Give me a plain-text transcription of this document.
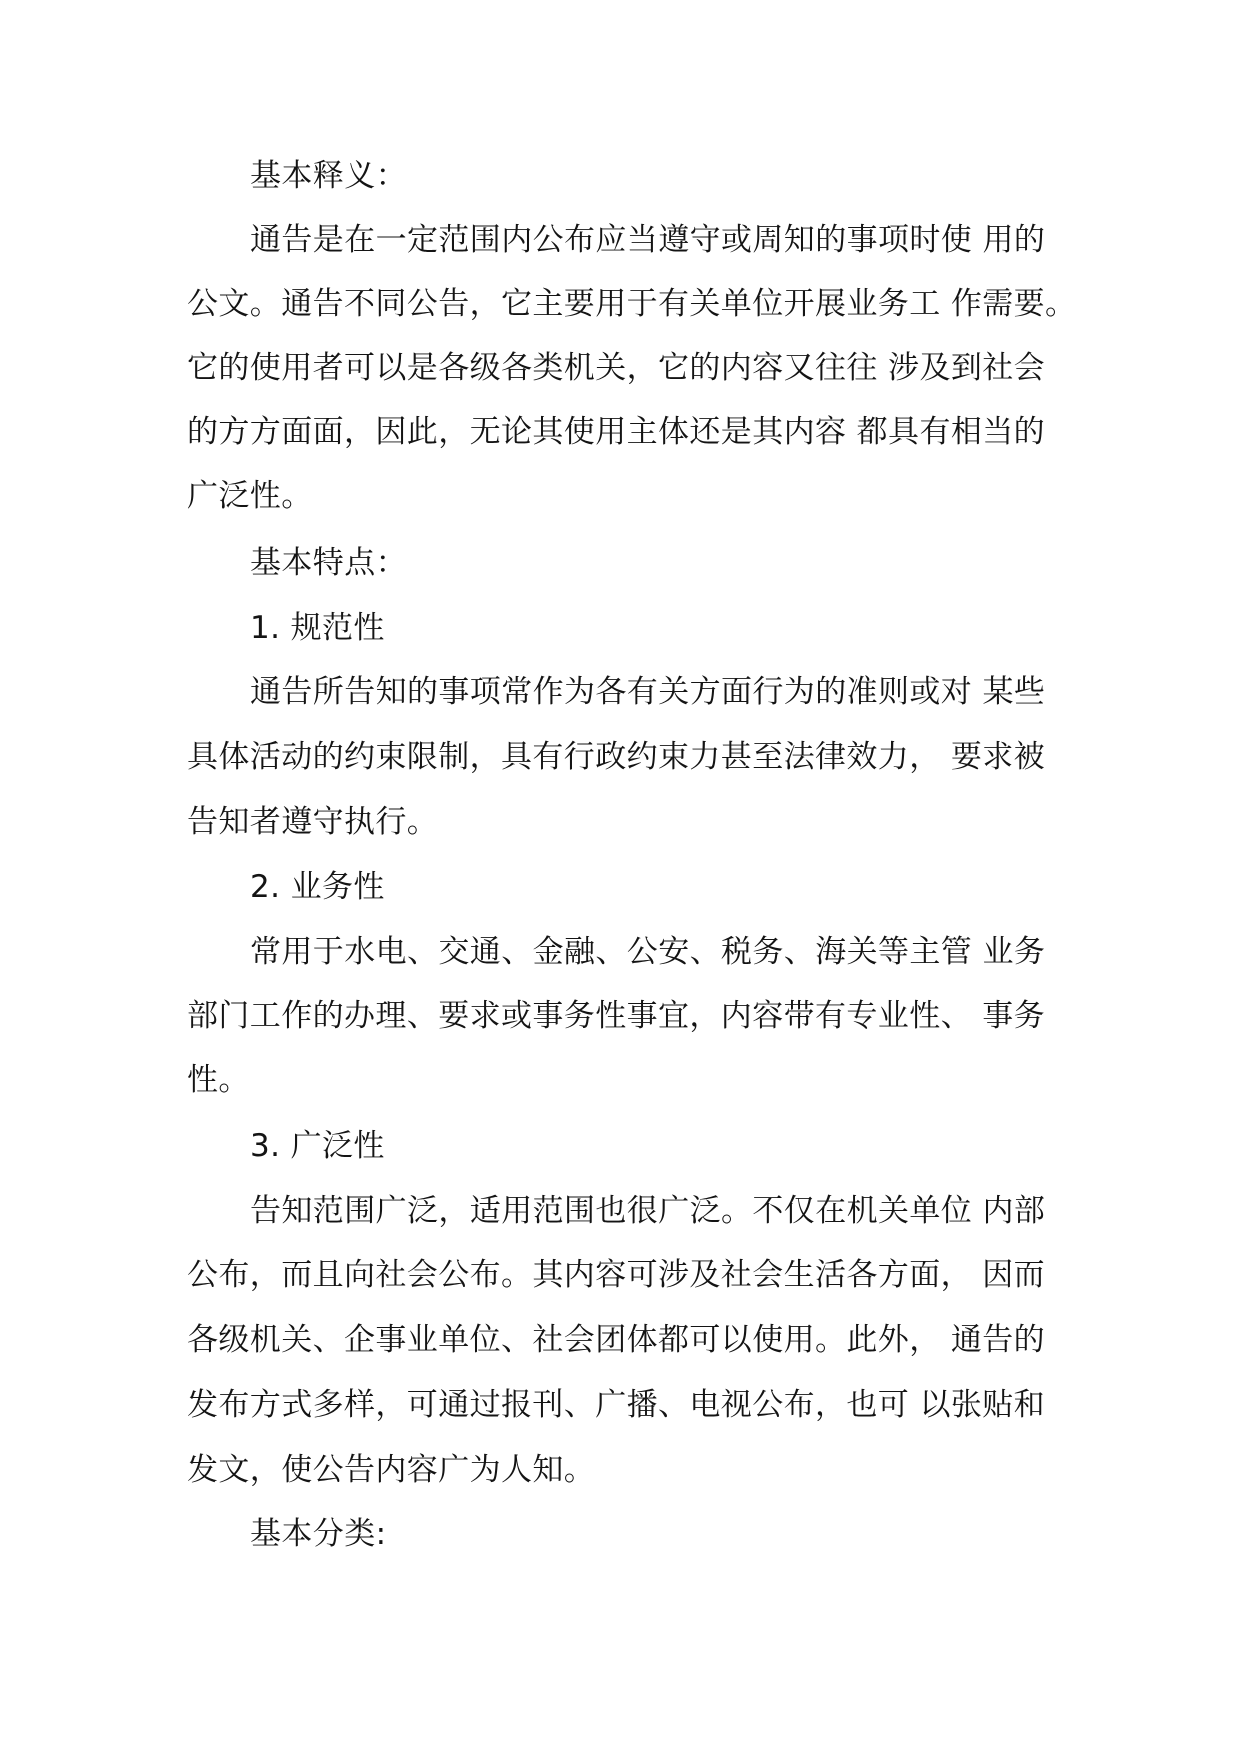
基本释义：
通告是在一定范围内公布应当遵守或周知的事项时使 用的
公文。通告不同公告，它主要用于有关单位开展业务工 作需要。
它的使用者可以是各级各类机关，它的内容又往往 涉及到社会
的方方面面，因此，无论其使用主体还是其内容 都具有相当的
广泛性。
基本特点：
1. 规范性
通告所告知的事项常作为各有关方面行为的准则或对 某些
具体活动的约束限制，具有行政约束力甚至法律效力， 要求被
告知者遵守执行。
2. 业务性
常用于水电、交通、金融、公安、税务、海关等主管 业务
部门工作的办理、要求或事务性事宜，内容带有专业性、 事务
性。
3. 广泛性
告知范围广泛，适用范围也很广泛。不仅在机关单位 内部
公布，而且向社会公布。其内容可涉及社会生活各方面， 因而
各级机关、企事业单位、社会团体都可以使用。此外， 通告的
发布方式多样，可通过报刊、广播、电视公布，也可 以张贴和
发文，使公告内容广为人知。
基本分类:
